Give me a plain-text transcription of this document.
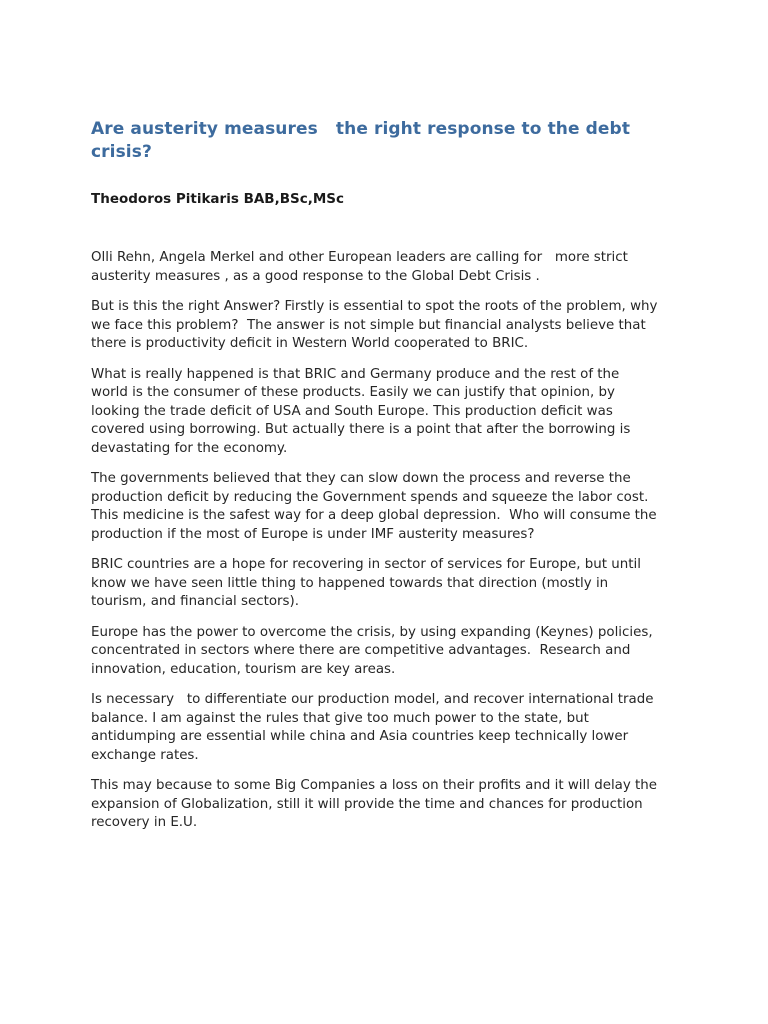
Are austerity measures   the right response to the debt
crisis?
Theodoros Pitikaris BAB,BSc,MSc

Olli Rehn, Angela Merkel and other European leaders are calling for   more strict
austerity measures , as a good response to the Global Debt Crisis .

But is this the right Answer? Firstly is essential to spot the roots of the problem, why
we face this problem?  The answer is not simple but financial analysts believe that
there is productivity deficit in Western World cooperated to BRIC.

What is really happened is that BRIC and Germany produce and the rest of the
world is the consumer of these products. Easily we can justify that opinion, by
looking the trade deficit of USA and South Europe. This production deficit was
covered using borrowing. But actually there is a point that after the borrowing is
devastating for the economy.

The governments believed that they can slow down the process and reverse the
production deficit by reducing the Government spends and squeeze the labor cost.
This medicine is the safest way for a deep global depression.  Who will consume the
production if the most of Europe is under IMF austerity measures?

BRIC countries are a hope for recovering in sector of services for Europe, but until
know we have seen little thing to happened towards that direction (mostly in
tourism, and financial sectors).

Europe has the power to overcome the crisis, by using expanding (Keynes) policies,
concentrated in sectors where there are competitive advantages.  Research and
innovation, education, tourism are key areas.

Is necessary   to differentiate our production model, and recover international trade
balance. I am against the rules that give too much power to the state, but
antidumping are essential while china and Asia countries keep technically lower
exchange rates.

This may because to some Big Companies a loss on their profits and it will delay the
expansion of Globalization, still it will provide the time and chances for production
recovery in E.U.
